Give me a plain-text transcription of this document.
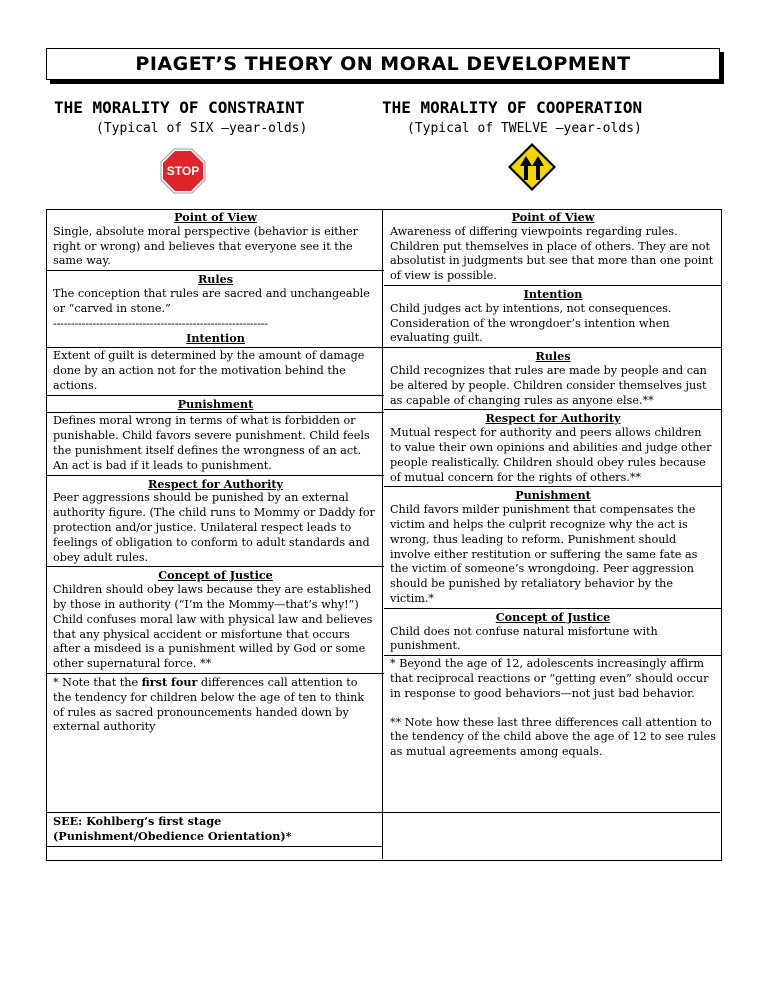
PIAGET’S THEORY ON MORAL DEVELOPMENT
THE MORALITY OF CONSTRAINT
(Typical of SIX –year-olds)
THE MORALITY OF COOPERATION
(Typical of TWELVE –year-olds)
STOP
Point of View

Single, absolute moral perspective (behavior is either right or wrong) and believes that everyone see it the same way.

Rules

The conception that rules are sacred and unchangeable or “carved in stone.”

------------------------------------------------------------

Intention

Extent of guilt is determined by the amount of damage done by an action not for the motivation behind the actions.

Punishment

Defines moral wrong in terms of what is forbidden or punishable. Child favors severe punishment. Child feels the punishment itself defines the wrongness of an act. An act is bad if it leads to punishment.

Respect for Authority

Peer aggressions should be punished by an external authority figure. (The child runs to Mommy or Daddy for protection and/or justice. Unilateral respect leads to feelings of obligation to conform to adult standards and obey adult rules.

Concept of Justice

Children should obey laws because they are established by those in authority (“I’m the Mommy—that’s why!”) Child confuses moral law with physical law and believes that any physical accident or misfortune that occurs after a misdeed is a punishment willed by God or some other supernatural force. **

* Note that the first four differences call attention to the tendency for children below the age of ten to think of rules as sacred pronouncements handed down by external authority

Point of View

Awareness of differing viewpoints regarding rules. Children put themselves in place of others. They are not absolutist in judgments but see that more than one point of view is possible.

Intention

Child judges act by intentions, not consequences. Consideration of the wrongdoer’s intention when evaluating guilt.

Rules

Child recognizes that rules are made by people and can be altered by people. Children consider themselves just as capable of changing rules as anyone else.**

Respect for Authority

Mutual respect for authority and peers allows children to value their own opinions and abilities and judge other people realistically. Children should obey rules because of mutual concern for the rights of others.**

Punishment

Child favors milder punishment that compensates the victim and helps the culprit recognize why the act is wrong, thus leading to reform. Punishment should involve either restitution or suffering the same fate as the victim of someone’s wrongdoing. Peer aggression should be punished by retaliatory behavior by the victim.*

Concept of Justice

Child does not confuse natural misfortune with punishment.

* Beyond the age of 12, adolescents increasingly affirm that reciprocal reactions or “getting even” should occur in response to good behaviors—not just bad behavior.

** Note how these last three differences call attention to the tendency of the child above the age of 12 to see rules as mutual agreements among equals.

SEE: Kohlberg’s first stage
(Punishment/Obedience Orientation)*
